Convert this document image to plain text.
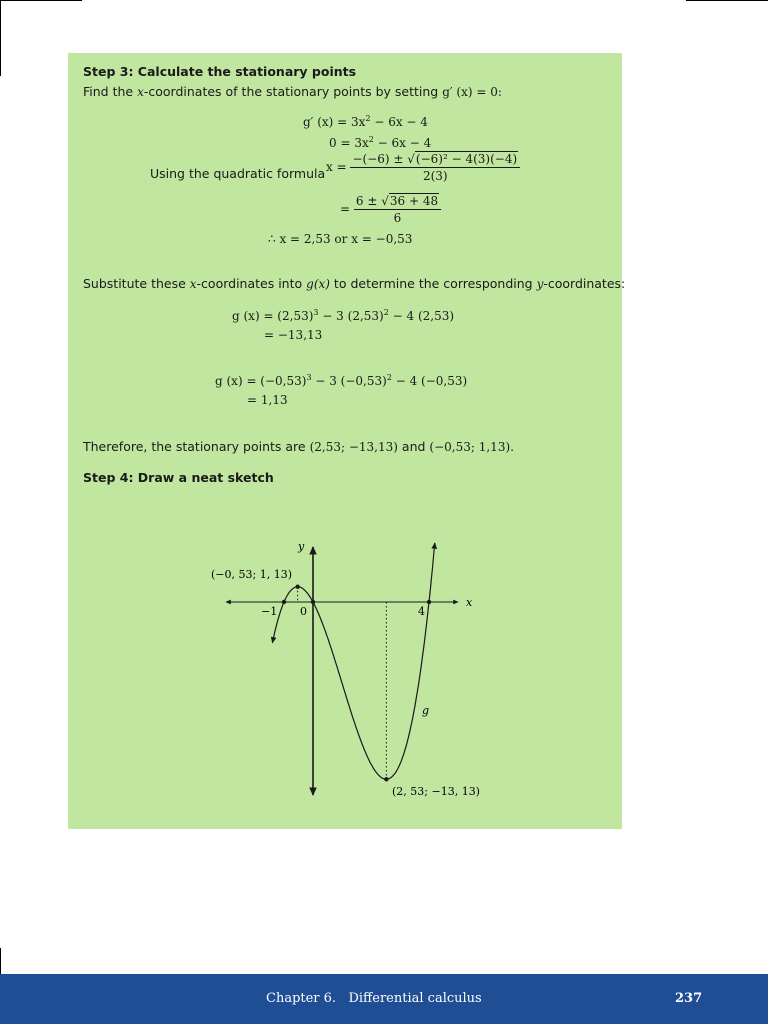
Step 3: Calculate the stationary points
Find the x-coordinates of the stationary points by setting g′ (x) = 0:
g′ $(x) = 3x^2 - 6x - 4$
$0 = 3x^2 - 6x - 4$
Using the quadratic formula $x = \frac{\text{−(−6) ± √(−6)² − 4(3)(−4)}}{2(3)}$
= $\frac{6 \pm √36 + 48}{6}$
∴ x = 2,53 or x = −0,53
Substitute these x-coordinates into g(x) to determine the corresponding y-coordinates:
g $(x) = (2,53)^3 - 3$ $(2,53)^2 - 4$ (2,53)
= −13,13
g $(x) = (-0,53)^3 - 3$ $(-0,53)^2 - 4$ (−0,53)
= 1,13
Therefore, the stationary points are (2,53; −13,13) and (−0,53; 1,13).
Step 4: Draw a neat sketch
y
x
(−0, 53; 1, 13)
(2, 53; −13, 13)
−1 0	4
g
Chapter 6.   Differential calculus	237
